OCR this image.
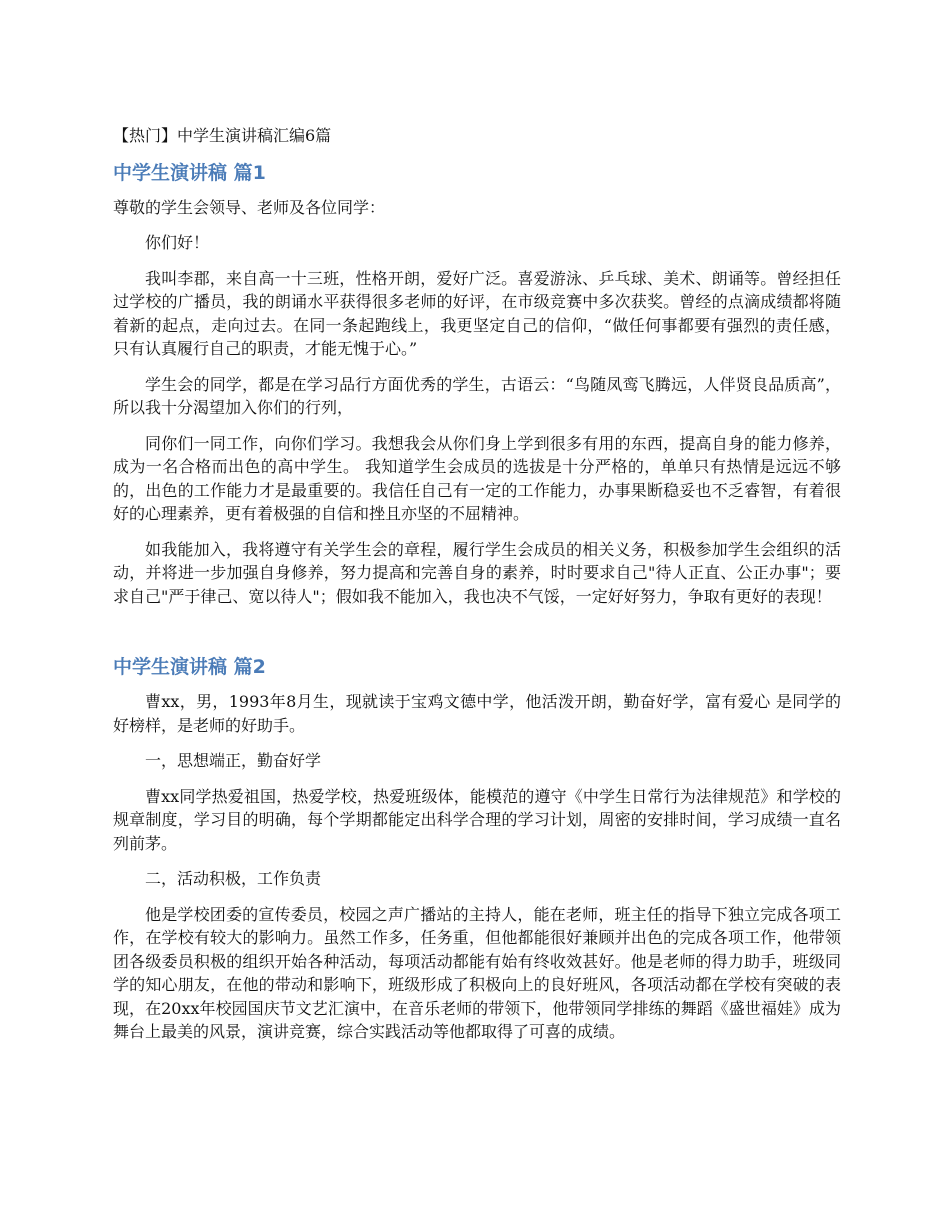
【热门】中学生演讲稿汇编6篇

中学生演讲稿 篇1

尊敬的学生会领导、老师及各位同学：

你们好！

我叫李郡，来自高一十三班，性格开朗，爱好广泛。喜爱游泳、乒乓球、美术、朗诵等。曾经担任过学校的广播员，我的朗诵水平获得很多老师的好评，在市级竞赛中多次获奖。曾经的点滴成绩都将随着新的起点，走向过去。在同一条起跑线上，我更坚定自己的信仰，“做任何事都要有强烈的责任感，只有认真履行自己的职责，才能无愧于心。”

学生会的同学，都是在学习品行方面优秀的学生，古语云：“鸟随凤鸾飞腾远，人伴贤良品质高”，所以我十分渴望加入你们的行列，

同你们一同工作，向你们学习。我想我会从你们身上学到很多有用的东西，提高自身的能力修养，成为一名合格而出色的高中学生。 我知道学生会成员的选拔是十分严格的，单单只有热情是远远不够的，出色的工作能力才是最重要的。我信任自己有一定的工作能力，办事果断稳妥也不乏睿智，有着很好的心理素养，更有着极强的自信和挫且亦坚的不屈精神。

如我能加入，我将遵守有关学生会的章程，履行学生会成员的相关义务，积极参加学生会组织的活动，并将进一步加强自身修养，努力提高和完善自身的素养，时时要求自己"待人正直、公正办事"；要求自己"严于律己、宽以待人"；假如我不能加入，我也决不气馁，一定好好努力，争取有更好的表现！

中学生演讲稿 篇2

曹xx，男，1993年8月生，现就读于宝鸡文德中学，他活泼开朗，勤奋好学，富有爱心 是同学的好榜样，是老师的好助手。

一，思想端正，勤奋好学

曹xx同学热爱祖国，热爱学校，热爱班级体，能模范的遵守《中学生日常行为法律规范》和学校的规章制度，学习目的明确，每个学期都能定出科学合理的学习计划，周密的安排时间，学习成绩一直名列前茅。

二，活动积极，工作负责

他是学校团委的宣传委员，校园之声广播站的主持人，能在老师，班主任的指导下独立完成各项工作，在学校有较大的影响力。虽然工作多，任务重，但他都能很好兼顾并出色的完成各项工作，他带领团各级委员积极的组织开始各种活动，每项活动都能有始有终收效甚好。他是老师的得力助手，班级同学的知心朋友，在他的带动和影响下，班级形成了积极向上的良好班风，各项活动都在学校有突破的表现，在20xx年校园国庆节文艺汇演中，在音乐老师的带领下，他带领同学排练的舞蹈《盛世福娃》成为舞台上最美的风景，演讲竞赛，综合实践活动等他都取得了可喜的成绩。
